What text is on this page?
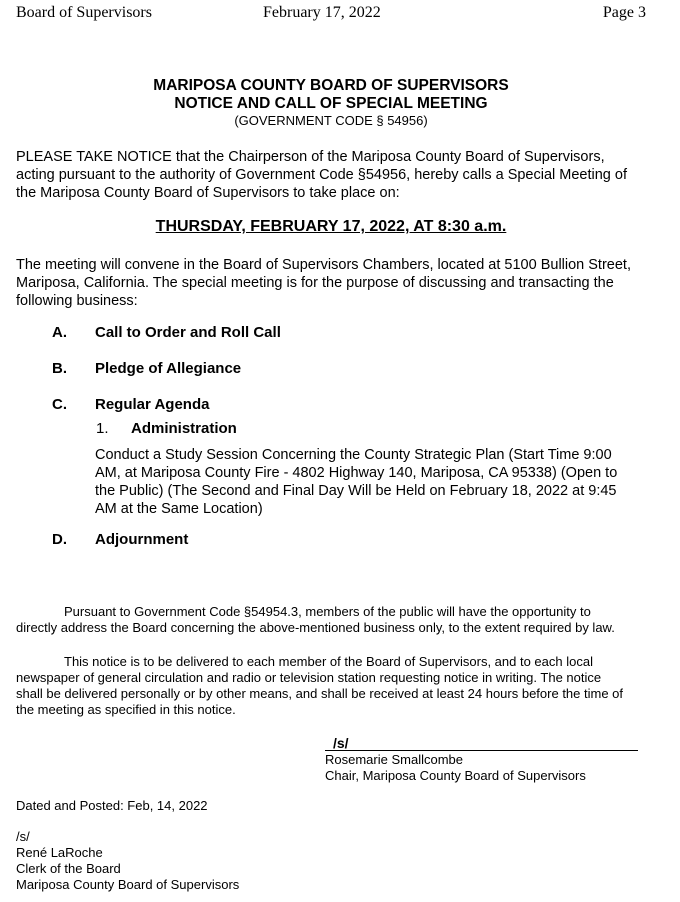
Board of Supervisors	February 17, 2022	Page 3
MARIPOSA COUNTY BOARD OF SUPERVISORS
NOTICE AND CALL OF SPECIAL MEETING
(GOVERNMENT CODE § 54956)
PLEASE TAKE NOTICE that the Chairperson of the Mariposa County Board of Supervisors,
acting pursuant to the authority of Government Code §54956, hereby calls a Special Meeting of
the Mariposa County Board of Supervisors to take place on:
THURSDAY, FEBRUARY 17, 2022, AT 8:30 a.m.
The meeting will convene in the Board of Supervisors Chambers, located at 5100 Bullion Street,
Mariposa, California. The special meeting is for the purpose of discussing and transacting the
following business:
A. Call to Order and Roll Call
B. Pledge of Allegiance
C. Regular Agenda
1. Administration
Conduct a Study Session Concerning the County Strategic Plan (Start Time 9:00
AM, at Mariposa County Fire - 4802 Highway 140, Mariposa, CA 95338) (Open to
the Public) (The Second and Final Day Will be Held on February 18, 2022 at 9:45
AM at the Same Location)
D. Adjournment
Pursuant to Government Code §54954.3, members of the public will have the opportunity to
directly address the Board concerning the above-mentioned business only, to the extent required by law.
This notice is to be delivered to each member of the Board of Supervisors, and to each local
newspaper of general circulation and radio or television station requesting notice in writing. The notice
shall be delivered personally or by other means, and shall be received at least 24 hours before the time of
the meeting as specified in this notice.
/s/
Rosemarie Smallcombe
Chair, Mariposa County Board of Supervisors
Dated and Posted: Feb, 14, 2022
/s/
René LaRoche
Clerk of the Board
Mariposa County Board of Supervisors
